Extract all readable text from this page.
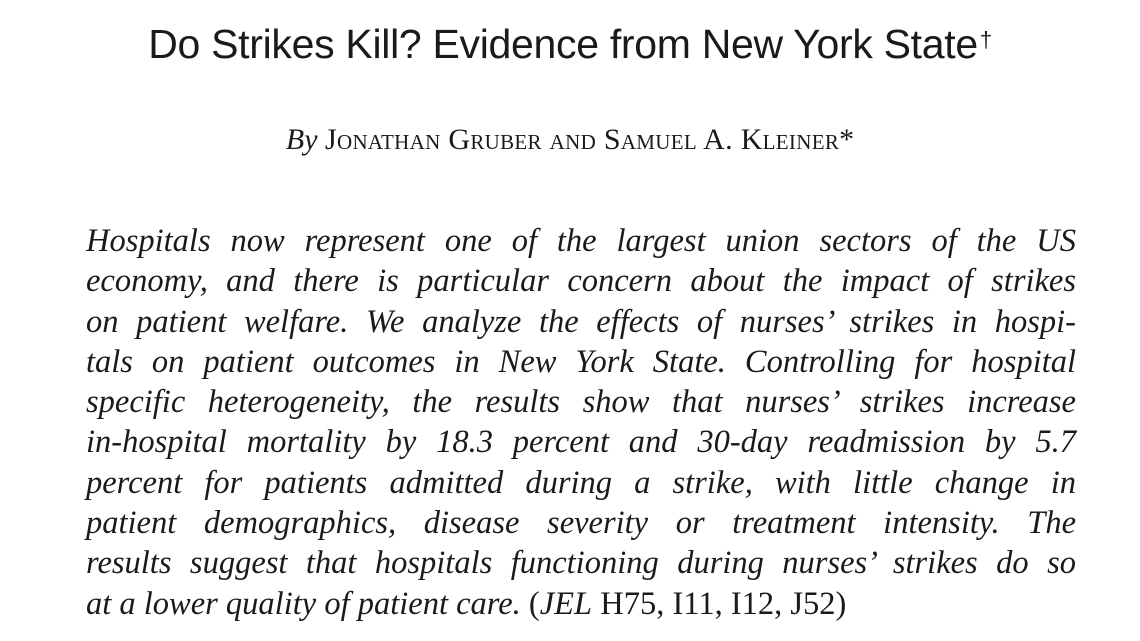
Do Strikes Kill? Evidence from New York State†

By Jonathan Gruber and Samuel A. Kleiner*

Hospitals now represent one of the largest union sectors of the US
economy, and there is particular concern about the impact of strikes
on patient welfare. We analyze the effects of nurses’ strikes in hospi-
tals on patient outcomes in New York State. Controlling for hospital
specific heterogeneity, the results show that nurses’ strikes increase
in-hospital mortality by 18.3 percent and 30-day readmission by 5.7
percent for patients admitted during a strike, with little change in
patient demographics, disease severity or treatment intensity. The
results suggest that hospitals functioning during nurses’ strikes do so
at a lower quality of patient care. (JEL H75, I11, I12, J52)
